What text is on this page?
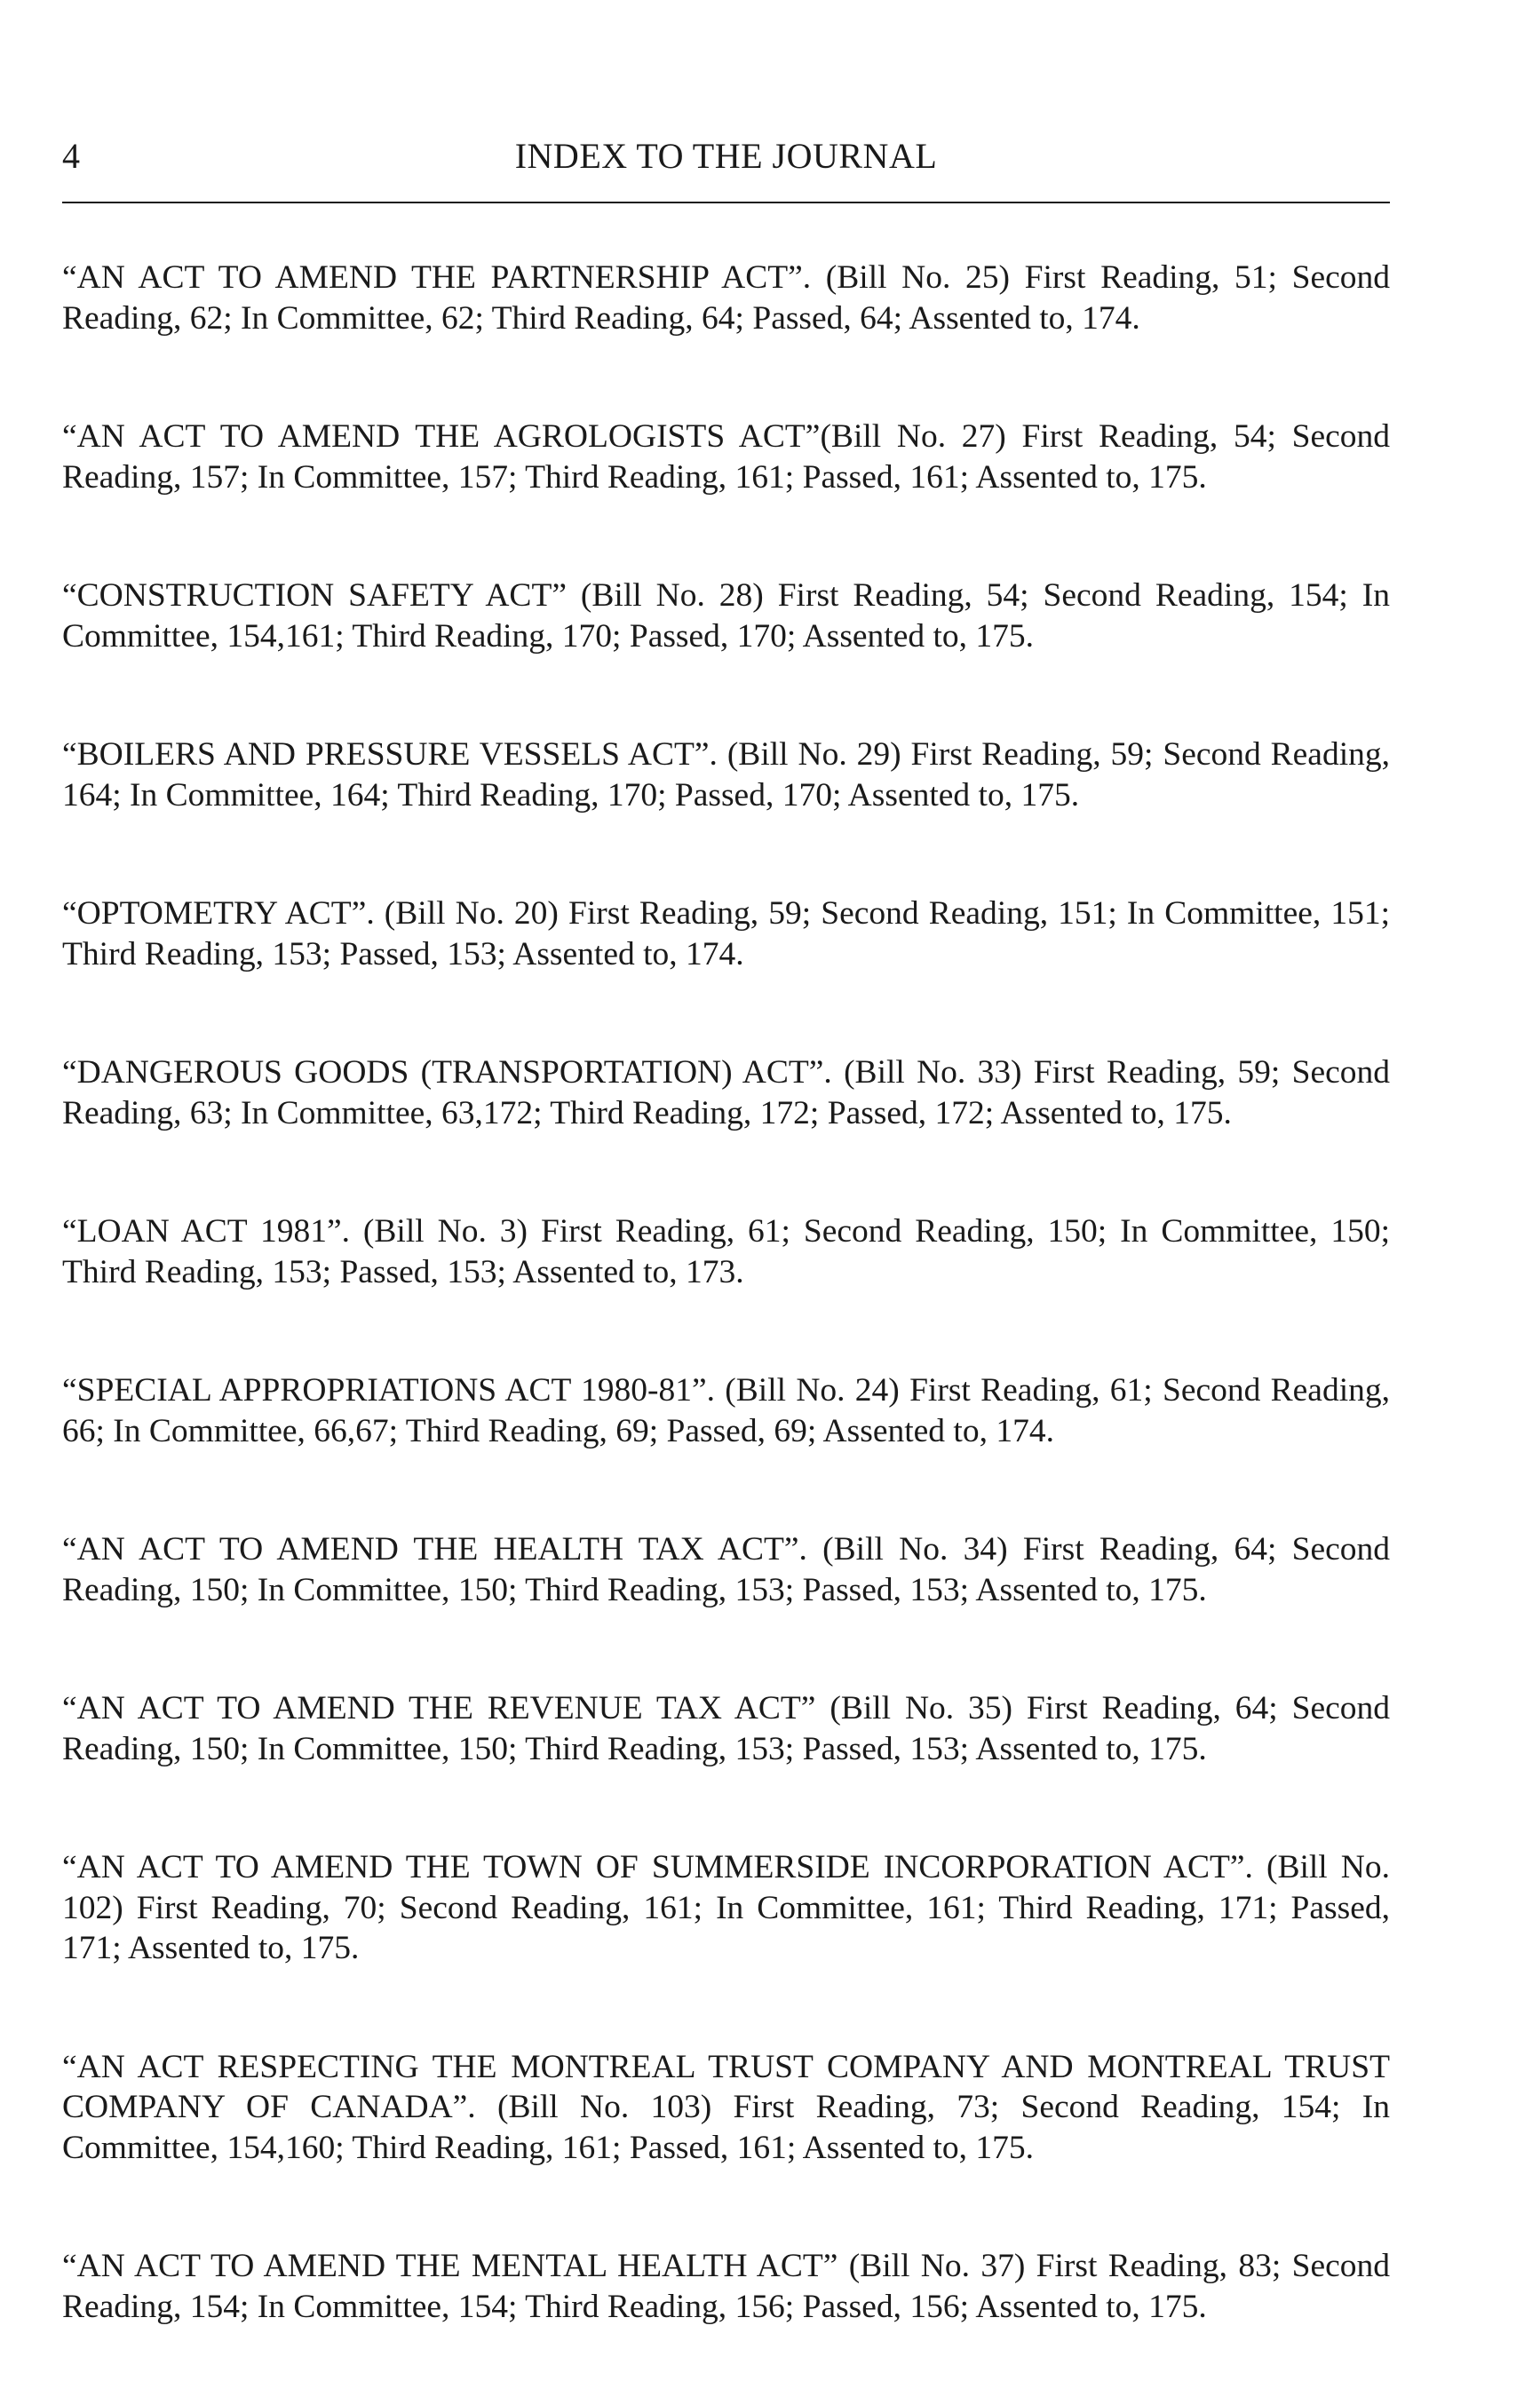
4	INDEX TO THE JOURNAL

“AN ACT TO AMEND THE PARTNERSHIP ACT”. (Bill No. 25) First Reading, 51; Second Reading, 62; In Committee, 62; Third Reading, 64; Passed, 64; Assented to, 174.

“AN ACT TO AMEND THE AGROLOGISTS ACT”(Bill No. 27) First Reading, 54; Second Reading, 157; In Committee, 157; Third Reading, 161; Passed, 161; Assented to, 175.

“CONSTRUCTION SAFETY ACT” (Bill No. 28) First Reading, 54; Second Reading, 154; In Committee, 154,161; Third Reading, 170; Passed, 170; Assented to, 175.

“BOILERS AND PRESSURE VESSELS ACT”. (Bill No. 29) First Reading, 59; Second Reading, 164; In Committee, 164; Third Reading, 170; Passed, 170; Assented to, 175.

“OPTOMETRY ACT”. (Bill No. 20) First Reading, 59; Second Reading, 151; In Committee, 151; Third Reading, 153; Passed, 153; Assented to, 174.

“DANGEROUS GOODS (TRANSPORTATION) ACT”. (Bill No. 33) First Reading, 59; Second Reading, 63; In Committee, 63,172; Third Reading, 172; Passed, 172; Assented to, 175.

“LOAN ACT 1981”. (Bill No. 3) First Reading, 61; Second Reading, 150; In Committee, 150; Third Reading, 153; Passed, 153; Assented to, 173.

“SPECIAL APPROPRIATIONS ACT 1980-81”. (Bill No. 24) First Reading, 61; Second Reading, 66; In Committee, 66,67; Third Reading, 69; Passed, 69; Assented to, 174.

“AN ACT TO AMEND THE HEALTH TAX ACT”. (Bill No. 34) First Reading, 64; Second Reading, 150; In Committee, 150; Third Reading, 153; Passed, 153; Assented to, 175.

“AN ACT TO AMEND THE REVENUE TAX ACT” (Bill No. 35) First Reading, 64; Second Reading, 150; In Committee, 150; Third Reading, 153; Passed, 153; Assented to, 175.

“AN ACT TO AMEND THE TOWN OF SUMMERSIDE INCORPORATION ACT”. (Bill No. 102) First Reading, 70; Second Reading, 161; In Committee, 161; Third Reading, 171; Passed, 171; Assented to, 175.

“AN ACT RESPECTING THE MONTREAL TRUST COMPANY AND MONTREAL TRUST COMPANY OF CANADA”. (Bill No. 103) First Reading, 73; Second Reading, 154; In Committee, 154,160; Third Reading, 161; Passed, 161; Assented to, 175.

“AN ACT TO AMEND THE MENTAL HEALTH ACT” (Bill No. 37) First Reading, 83; Second Reading, 154; In Committee, 154; Third Reading, 156; Passed, 156; Assented to, 175.
